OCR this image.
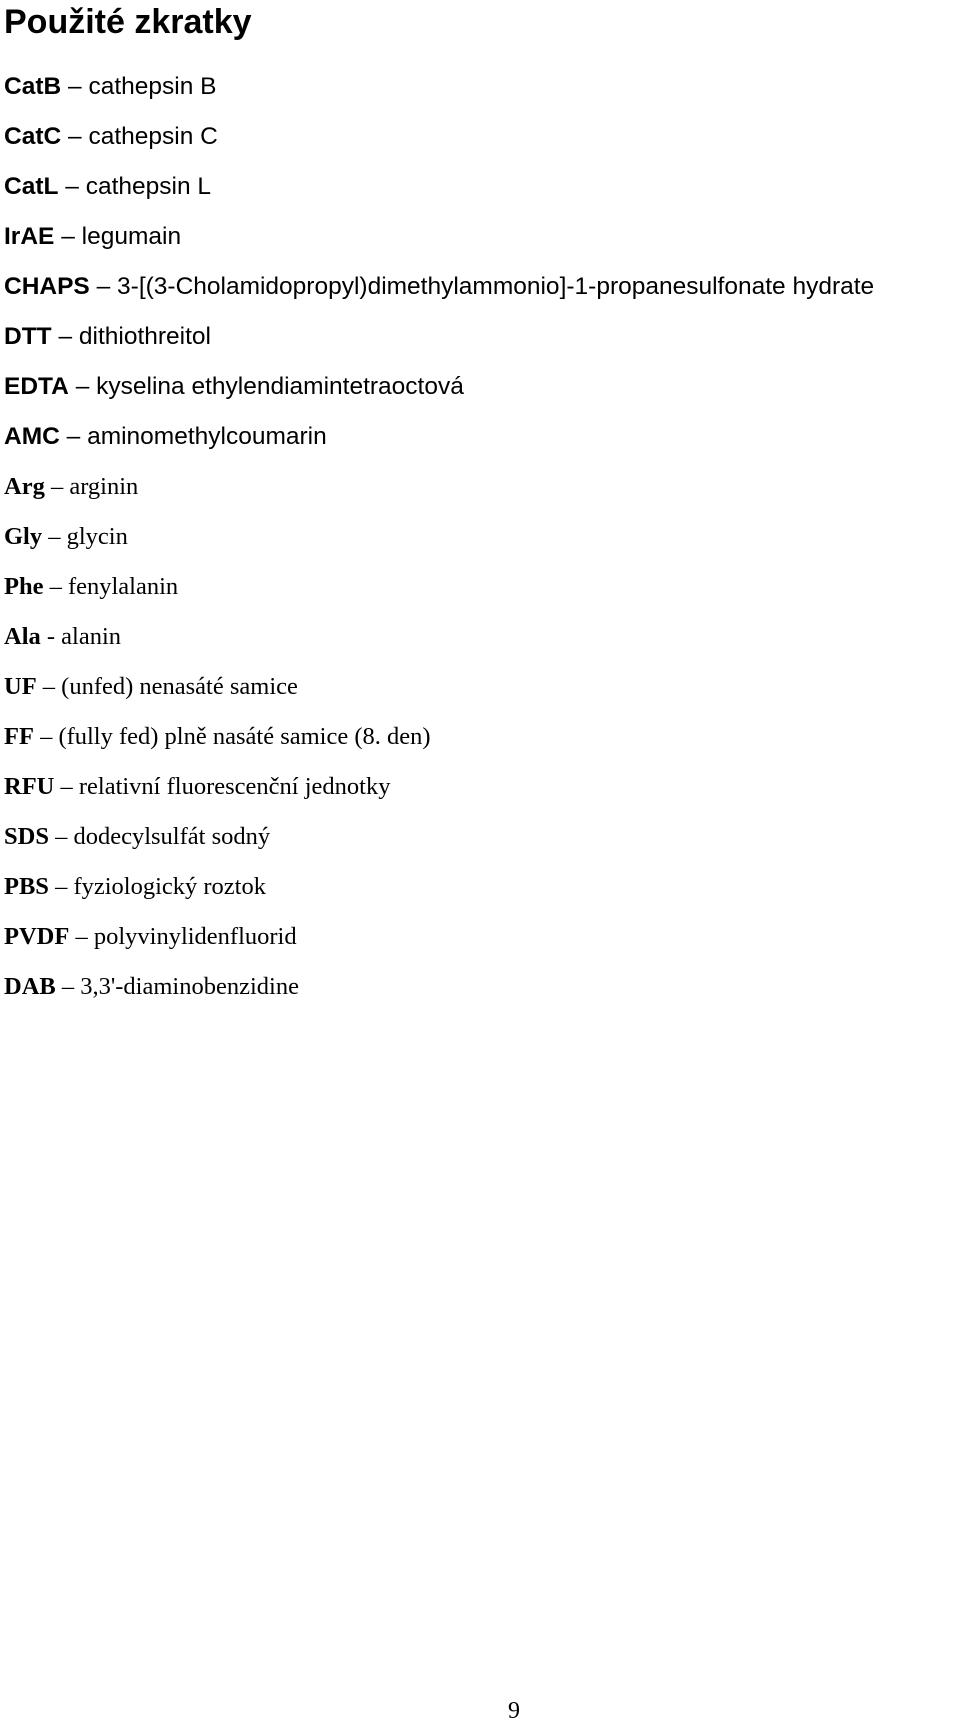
Použité zkratky
CatB – cathepsin B
CatC – cathepsin C
CatL – cathepsin L
IrAE – legumain
CHAPS – 3-[(3-Cholamidopropyl)dimethylammonio]-1-propanesulfonate hydrate
DTT – dithiothreitol
EDTA – kyselina ethylendiamintetraoctová
AMC – aminomethylcoumarin
Arg – arginin
Gly – glycin
Phe – fenylalanin
Ala - alanin
UF – (unfed) nenasáté samice
FF – (fully fed) plně nasáté samice (8. den)
RFU – relativní fluorescenční jednotky
SDS – dodecylsulfát sodný
PBS – fyziologický roztok
PVDF – polyvinylidenfluorid
DAB – 3,3'-diaminobenzidine
9
